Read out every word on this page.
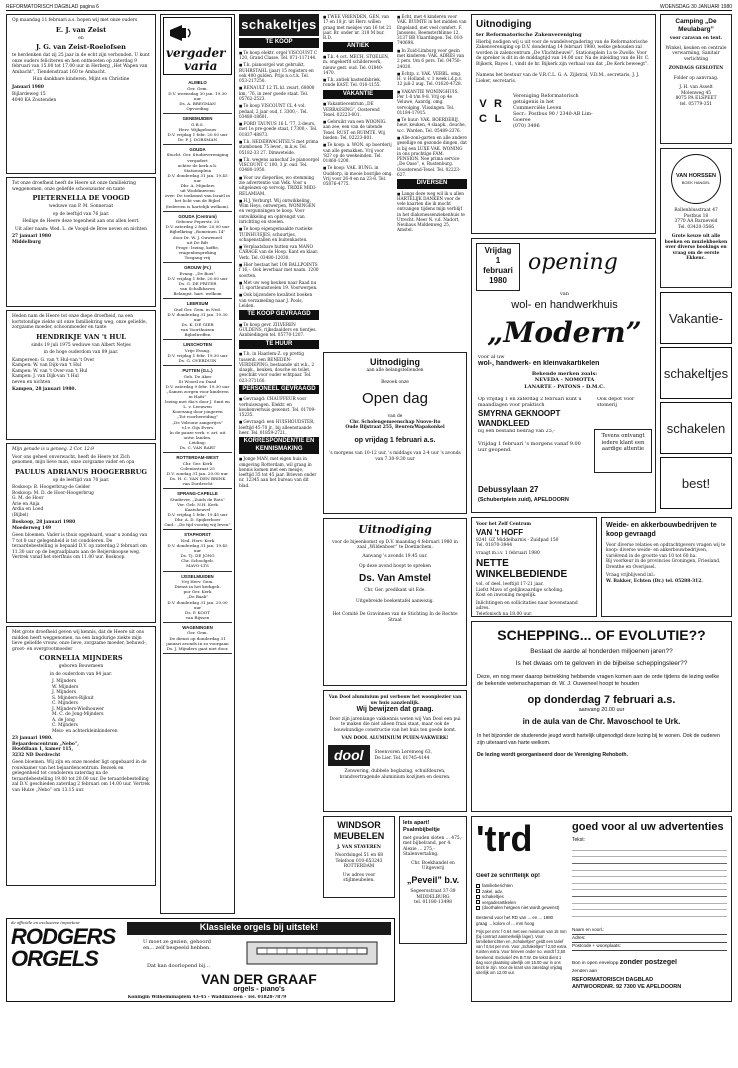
REFORMATORISCH DAGBLAD pagina 6	WOENSDAG 30 JANUARI 1980

Op maandag 11 februari a.s. hopen wij met onze ouders

E. J. van Zeist
en
J. G. van Zeist-Roelofsen

te herdenken dat zij 25 jaar in de echt zijn verbonden. U kunt onze ouders feliciteren en hen ontmoeten op zaterdag 9 februari van 15.00 tot 17.00 uur in Herberg „Het Wapen van Ambacht”, Tiendenstraat 160 te Ambacht.

Hun dankbare kinderen, Mijnt en Christine

Januari 1980

Bijlardeweg 15
4040 KA Zoutenden

Tot onze droefheid heeft de Heere uit onze familiekring weggenomen, onze geliefde schoonzuster en tante

PIETERNELLA DE VOOGD

weduwe van P. M. Sonneraat

op de leeftijd van 76 jaar.

Heilige de Heere deze tegenheid aan ons allen leert.

Uit aller naam: Wed. L. de Voogd-de Bree neven en nichten

27 januari 1980
Middelburg

Heden nam de Heere tot onze diepe droefheid, na een kortstondige ziekte uit onze familiekring weg, onze geliefde, zorgzame moeder, schoonmoeder en tante

HENDRIKJE VAN 't HUL

sinds 19 juli 1975 weduwe van Albert Netjes

in de hoge ouderdom van 89 jaar.

Kampereen: G. van 't Hul-van 't Over
Kampen: W. van Dijk-van 't Hul
Kampen: W. van 't Over-van 't Hul
Kampen: J. van Dijk-van 't Hul
neven en nichten

Kampen, 28 januari 1980.

Mijn genade is u genoeg. 2 Cor. 12:9

Voor ons geheel onverwacht, heeft de Heere tot Zich genomen, mijn lieve man, onze zorgzame vader en opa

PAULUS ADRIANUS HOOGERBRUG

op de leeftijd van 70 jaar.

Boskoop: B. Hoogerbrug-de Gelder
Boskoop: M. D. de Hoor-Hoogerbrug
G. M. de Hoor
Arie en Anja
Ardia en Loed
(Bijbel)

Boskoop, 28 januari 1980
Moederweg 149

Geen bloemen. Vader is thuis opgebaard, waar u zondag van 7 tot 8 uur gelegenheid is tot condoleren. De teraardebestelling is bepaald D.V. op zaterdag 2 februari om 11.30 uur op de begraafplaats aan de Reijerskoopse weg. Vertrek vanaf het sterfhuis om 11.00 uur. Boskoop.

Met grote droefheid geven wij kennis, dat de Heere uit ons midden heeft weggenomen, na een langdurige ziekte mijn lieve geliefde vrouw, onze lieve, zorgzame moeder, behuwd-, groot- en overgrootmoeder

CORNELIA MIJNDERS

geboren Bouwmeen

in de ouderdom van 84 jaar.

J. Mijnders
W. Mijnders
J. Mijnders
S. Mijnders-Rijkuit
C. Mijnders
J. Mijnders-Wielhouwer
M. C. de Jong-Mijnders
A. de Jong
C. Mijnders
Meis- en achterkleinkinderen

23 januari 1980.
Bejaardencentrum „Nebo”,
Hoofdlaan 1, kamer 115,
3232 ND Dordrecht

Geen bloemen. Wij zijn en onze moeder ligt opgebaard in de rouwkamer van het bejaardencentrum. Bezoek en gelegenheid tot condoleren zaterdag na de teraardebestelling 19.00 tot 20.00 uur. De teraardebestelling zal D.V. geschieden zaterdag 2 februari om 14.00 uur. Vertrek van Huize „Nebo” om 13.15 uur.

vergader
varia
ALMELO
Ger. Gem.
D.V. woensdag 30 jan. 19.30 uur
Ds. A. BREGMAN
Opvoeding
GENEMUIDEN
G.B.S.
Herv. Wijkgebouw
D.V. vrijdag 1 febr. 20.00 uur
Dr. P. J. DORSMAN
GOUDA
Stucht. Ger. Studievereniging
vergadert
achter de kerk a.h. Stationsplein
D.V. donderdag 31 jan. 19.45 uur
Dhr. A. Mijnders
uit Woddinxveen
over: De toekomst van Israël in het licht van de Bijbel
(Iedereen is hartelijk welkom).
GOUDA (Centrum)
Gebouw Peperstr. 20
D.V. zaterdag 2 febr. 20.00 uur
Bijbelkring „Romeinen 14”
door Dr. W. J. Ouweneel
uit De Bilt
Progr.: lezing, koffie, vragenbespreking
Toegang vrij
GROUW (Fr.)
Evang. „De Boei”
D.V. vrijdag 1 febr. 20.00 uur
Ds. G. DE FRITER
van Schalkhaven
Belangst. hart. welkom
LEERSUM
Oud Ger. Gem. in Ned.
D.V. donderdag 31 jan. 19.30 uur
Ds. K. DE GIER
van Voorthuizen
Bijbeltreffen
LINSCHOTEN
Vrije Evang.
D.V. vrijdag 1 febr. 19.30 uur
Ds. G. OVERDUIN
PUTTEN (G.L.)
Geb. De Aker
St Woord en Daad
D.V. zaterdag 9 febr. 19.30 uur
„Samen zorgen voor kinderen in Haïti”
lezing met dia's door J. Smit en L. v. Leeuwen
Koorzang door jongeren
„Tot voorbereiding”
„De Volrouw zangertjes”
v.l.v. Gijs Evers
In de pauze verk. v. art. uit ontw. landen.
Leiding:
Ds. C. VAN BART
ROTTERDAM-WEST
Chr. Ger. Kerk
Coleniastraat 25
D.V. zondag 31 jan. 20.00 uur
Ds. H. C. VAN DEN BRINK
van Dordrecht
SPRANG-CAPELLE
Studiever. „Zuids de Rots”
Ver. Geb. N.H. Kerk
Kaatsheuvel
D.V. vrijdag 1 febr. 19.45 uur
Dhr. A. D. Spijkerboer
Ond.: „De tijd voorbij wij leven”
STAPHORST
Ned. Herv. Kerk
D.V. donderdag 31 jan. 19.45 uur
Ds. Tj. DE JONG
Chr. Schoolgeb.
MAVO-LTS
IJSSELMUIDEN
Vrij Herv. Gem.
Dienst in het kerkgeb.
por Ger. Kerk
„De Baak”
D.V. donderdag 31 jan. 20.00 uur
Ds. P. KOOT
van Rijssen
WAGENINGEN
Ger. Gem.
De dienst op donderdag 31 januari avonds in zo voorgaan Ds. J. Mijnders gaat niet door.
schakeltjes
TE KOOP
■ Te koop elektr. orgel VISCOUNT C 120, Grand Classe. Tel. 071-117144.
■ T.k. pianoorgel wat gebruikt, RUHRSTAHL (jaar) 15 registers en ook 400 gulden. Prijs n.o.t.k. Tel. 053-217250.
■ RENAULT 12 TL kl. zwart, 68000 km, '76, in zeer goede staat. Tel. 05762-2523.
■ Te koop VISCOUNT CL 4 vol. pedaal, 2 jaar oud, f. 3300,-. Tel. 03480-18601.
■ FORD TAUNUS 16 L '77, 2-deurs, met 1e pre-goede staat, f 7300,-. Tel. 01837-48873.
■ T.k. HEDERWACHTEL'S met prima stambonen 75 lever., m.k.w. Tel. 05182-33 27. Dimweteide.
■ T.k. wegens aanschaf 2e pianoorgel VISCOUNT C 100, 3 jr. oud. Tel. 03480-1950.
■ Voor uw dieperlies, wo stemming zie advertentie van Velk. Voor u uitgelezen op vervolg. TRIXIE MIDI-RELAMIAM.
■ H.J. Verburgt. Wij ontwikkeling, Wim Heys, ontwerpen, WONINGEN en vergunningen te koop. Voor ontwikkeling en opbrengst van inrichting en stoelen.
■ Te koop eigengemaakte rustieke TUINHUISJES, schuurtjes, schapenstallen en buitenkasten.
■ Verplaatsbare hutten van MANO CARAGE van de Hoop. Kant en klaar. Verk. Tel. 03480-12030.
■ Hier bestaat het 100 BALLPOINTS f 16,-. Ook leverbaar met naam. 1200 soorten.
■ Met uw weg keuken naar Raad nu 11 sportleunstoelen 19. Voorwerpen.
■ Ook bijzondere kwaliteit boeken van verzameling naar J. Pools, Leiden.
TE KOOP GEVRAAGD
■ Te koop gevr. ZILVEREN GULDENS, rijksdaalders en tientjes. Aanbiedingen tel. 05770-1207.
TE HUUR
■ T.h. in Haarlem-Z. op prettig tussenh. een BENEDEN-VERDIEPING, bestaande uit w.k., 2 slaapk., keuken, douche en toilet, geschikt voor ouder echtpaar. Tel. 023-371160.
PERSONEEL GEVRAAGD
■ Gevraagd: CHAUFFEUR voor verhuiswagen. Elektr. en keukenverhuis gewenst. Tel. 01709-15235.
■ Gevraagd: een HUISHOUDSTER, leeftijd 45-70 jr., bij alleenstaande heer. Tel. 01859-2721.
KORRESPONDENTIE EN KENNISMAKING
■ Jonge MAN, met eigen huis in omgeving Rotterdam, wil graag in kennis komen met een meisje, leeftijd 35 tot 45 jaar. Brieven onder nr. 12345 aan het bureau van dit blad.
■ TWEE VRIENDEN, GEN. van 17 en 18 jr. uit Herv. willen graag met meisjes van 16 tot 21 jaar. Br. onder nr. 318 M bur. R.D.
ANTIEK
■ T.k. 4 oct. MECH. STOELEN, m. ongekerfd schilderwerk, nieuw gest. oud. Tel. 01840-1470.
■ T.k. antiek kastenfabriek, ronde KAST. Tel. 010-1155.
VAKANTIE
■ Vakantiecentrum „DE VERRASSING”, Oosterend Texel. 02223-601.
■ Gebruikt van een WOONIG. aan zee, een van de uitende Texel. RUST en RUIMTE. Wij bieden: Tel. 02223-801.
■ Te koop: a. WON. op boerderij van alle gemakken. Vrij voor '82? op de weekeinden. Tel. 01860-1200.
■ Te koop: VAK. BUNG. in Ouddorp, in mooie bosrijke omg. Vrij voor 26-4 en na 23-8. Tel. 05876-4775.
■ Echt, met 4 kinderen voor VAK. BUIMTE in het midden van Engeland, met veel comfort. F. Janssens, Beemsterblinne 12, 3137 BB Vlaardingen. Tel. 010-740698.
■ In Zuid-Limburg voor gezin met kinderen: VAK. ADRES van 2 pers. t/m 6 pers. Tel. 04750-24020.
■ Echtp. z. VAK. VERBL. omg. H. v. Holland, v. 1 week i.d.p.v. 12 juli-2 aug. Tel. 01620-4728.
■ VAKANTIE WONINGHUIS. Per 1-8 t/m 9-8. Vrij op 4e Veluwe, Aanrdg. omg. vervolging. Vlissingen. Tel. 01184-17915.
■ Te huur: VAK. BOERDERIJ, heuv. keuken, 4 slaapk., douche, w.c. Warden. Tel. 05489-2376.
■ Alle-zonl-garten en alle andere gesellige en gezonde dingen, dat is bij een LUXE VAK. WONING in ons prachtige FAM. PENSION. Nee prima service „De Oase”, e, Rustenburg. Ooosterend-Texel. Tel. 02223-627.
DIVERSEN
■ Langs deze weg wil ik u allen HARTELIJK DANKEN voor de vele kaarten die ik mocht ontvangen tijdens mijn verblijf in het diakonessenziekenhuis te Utrecht. Meer N. v.d. Nadort, Neuhaus Middenweg 25, Amstel.
Uitnodiging
aan alle belangstellenden
Bezoek onze
Open dag
van de
Chr. Scholengemeenschap Nuovo-Ito
Oude Bijstraat 255, Beuren/Wapakonkel
op vrijdag 1 februari a.s.
's morgens van 10-12 uur, 's middags van 2-4 uur 's avonds van 7.30-9.30 uur
Uitnodiging
voor de bijeenkomst op D.V. maandag 4 februari 1980 in zaal „Wildenboer” te Doetinchem.
Aanvang 's avonds 19.45 uur.
Op deze avond hoopt te spreken
Ds. Van Amstel
Chr. Ger. predikant uit Ede.
Uitgebreide boekentafel aanwezig.
Het Comité De Gravinnen van de Stichting In de Rechte Straat
Van Dool aluminium pui verbouw het woonplezier van uw huis aanzienlijk.
Wij bewijzen dat graag.
Door zijn jarenlange vakkennis weten wij Van Dool een pui te maken die niet alleen fraai staat, maar ook de bouwkundige constructie van het huis ten goede komt.
VAN DOOL ALUMINIUM PUIEN-VAKWERK!
dool	Steenvoren Lerenweg 63,
De Lier. Tel. 01745-4144
Zonwering, dubbele beglazing, schuifdeuren, brandvertragende aluminium kozijnen en deuren.
WINDSOR MEUBELEN
J. VAN STAVEREN
Noordsingel 51 en 68
Telefoon 010-653243
ROTTERDAM
Uw adres voor stijlmeubelen.
lets apart! Psalmbijbeltje
met gouden sloten ... 475,-
met bijbelrand, per 4.
Alexie ... 275,-
Stalenvertaling.
Chr. Boekhandel en Uitgeverij
„Peveil” b.v.
Segeersstraat 37-39
MIDDELBURG
tel. 01180-13498
de officiële en exclusieve importeur
RODGERS
ORGELS
Klassieke orgels bij uitstek!
U moet ze gezien, gehoord en... zelf bespeeld hebben.
Dat kan doorlopend bij...
VAN DER GRAAF
orgels - piano's
Koningin Wilhelminaplein 43-45 - Waddinxveen - Tel. 01828-7879
Uitnodiging
ter Reformatorische Zakenvereniging
Hierbij nodigen wij u uit voor de wandelvergadering van de Reformatorische Zakenvereniging op D.V. donderdag 14 februari 1980, welke gehouden zal worden in zalencentrum „De Vluchtheuvel”, Stationsplein 1a te Zwolle. Voor de spreker is dit in de middagtijd van 14.00 uur. Na de inleiding van de Hr. C. Bijkerk, Bayes 1, vindt de hr. Bijkerk zijn verhaal van dat „De Kerk beweegt”.
Namens het bestuur van de V.R.C.L. G. A. Zijlstral, V.D.M., secretaris, J. J. Lieker, secretaris.
V R
C L
Vereniging Reformatorisch
getuigenis in het
Commerciële Leven
Secr.: Postbus 90 / 2340-AB Lim-
Goeree
(070) 3496
Camping „De Meulabarg”
voor caravan en tent.
Winkel, keuken en centrale verwarming, Sanitair verlichting
ZONDAGS GESLOTEN
Folder op aanvraag.
J. H. van Asselt
Molenweg 45
8075 PA ELSPEET
tel. 05779-351
VAN HORSSEN
BOEK HANDEL
Rollenblusstraat 47
Postbus 18
3770 AA Barneveld
Tel. 03420-3566
Grote keuze uit alle boeken en muziekboeken over diverse bookings en vraag om de eerste Ekkenc.
Vrijdag
1
februari
1980
opening
van
wol- en handwerkhuis
„Modern”
voor al uw
wol-, handwerk- en kleinvakartikelen
Bekende merken zoals:
NEVEDA - NOMOTTA
LANARTE - PATONS - D.M.C.
Op vrijdag 1 en zaterdag 2 februari kunt u maandlagen voor praktisch
SMYRNA GEKNOOPT WANDKLEED
bij een bestand bedrag van 25,-
Ook depôt voor stomerij
Tevens ontvangt iedere klant een aardige attentie
Vrijdag 1 februari 's morgens vanaf 9.00 uur geopend.
Debussylaan 27
(Schubertplein zuid), APELDOORN
Vakantie-
schakeltjes
schakelen
best!
Voor het Zelf Centrum
VAN 't HOFF
8241 GZ Middelharnis - Zuidpad 150
Tel. 01870-3944
vraagt m.i.v. 1 februari 1980
NETTE WINKELBEDIENDE
vol. of deel. leeftijd 17-21 jaar.
Liefst Mavo of gelijkwaardige scholing.
Kost en inwoning mogelijk.
Inlichtingen en sollicitaties naar bovenstaand adres.
Telefonisch na 18.00 uur.
Weide- en akkerbouwbedrijven te koop gevraagd
Voor diverse relaties en opdrachtgevers vragen wij te koop: diverse weide- en akkerbouwbedrijven, variërend in de grootte van 10 tot 60 ha.
Bij voorkeur in de provincies Groningen, Friesland, Drenthe en Overijssel.
Vraag vrijblijvend inl.:
W. Bakker, Echten (Dr.) tel. 05288-312.
SCHEPPING... OF EVOLUTIE??
Bestaat de aarde al honderden miljoenen jaren??
Is het dwaas om te geloven in de bijbelse scheppingsleer??
Deze, en nog meer daarop betrekking hebbende vragen komen aan de orde tijdens de lezing welke de bekende wetenschapsman dr. W. J. Ouweneel hoopt te houden
op donderdag 7 februari a.s.
aanvang 20.00 uur
in de aula van de Chr. Mavoschool te Urk.
In het bijzonder de studerende jeugd wordt hartelijk uitgenodigd deze lezing bij te wonen. Ook de ouderen zijn uiteraard van harte welkom.
De lezing wordt georganiseerd door de Vereniging Rehoboth.
'trd	goed voor al uw advertenties
Tekst:
Geef ze schriftelijk op!
familieberichten
zakel. adv.
schakeltjes
vergaderartikelen
(doorhalen hetgeen niet wordt gewenst)
Bestemd voor het RD van ... en ... 1980
graag ... kolom of ... mm hoog
Prijs per mm: f 0.64 met een minimum van 15 mm (bij contract aanmerkelijk lager). Voor familieberichten en „Schakeltjes” geldt een tarief van f 0,54 per mm. Voor „Schakeltjes” f 2,50 extra. Kosten extra. Voor brieven onder no. wordt f 2,50 berekend. Exclusief 4% B.T.W. De tekst dient 1 dag voor plaatsing uiterlijk om 15.00 uur in ons bezit te zijn. Voor de krant van zaterdag/ vrijdag uiterlijk om 12.00 uur.
Naam en voorl.:
Adres:
Postcode + woonplaats:
Bon in open envelopp zonder postzegel
zenden aan
REFORMATORISCH DAGBLAD
ANTWOORDNR. 92 7300 VE APELDOORN
